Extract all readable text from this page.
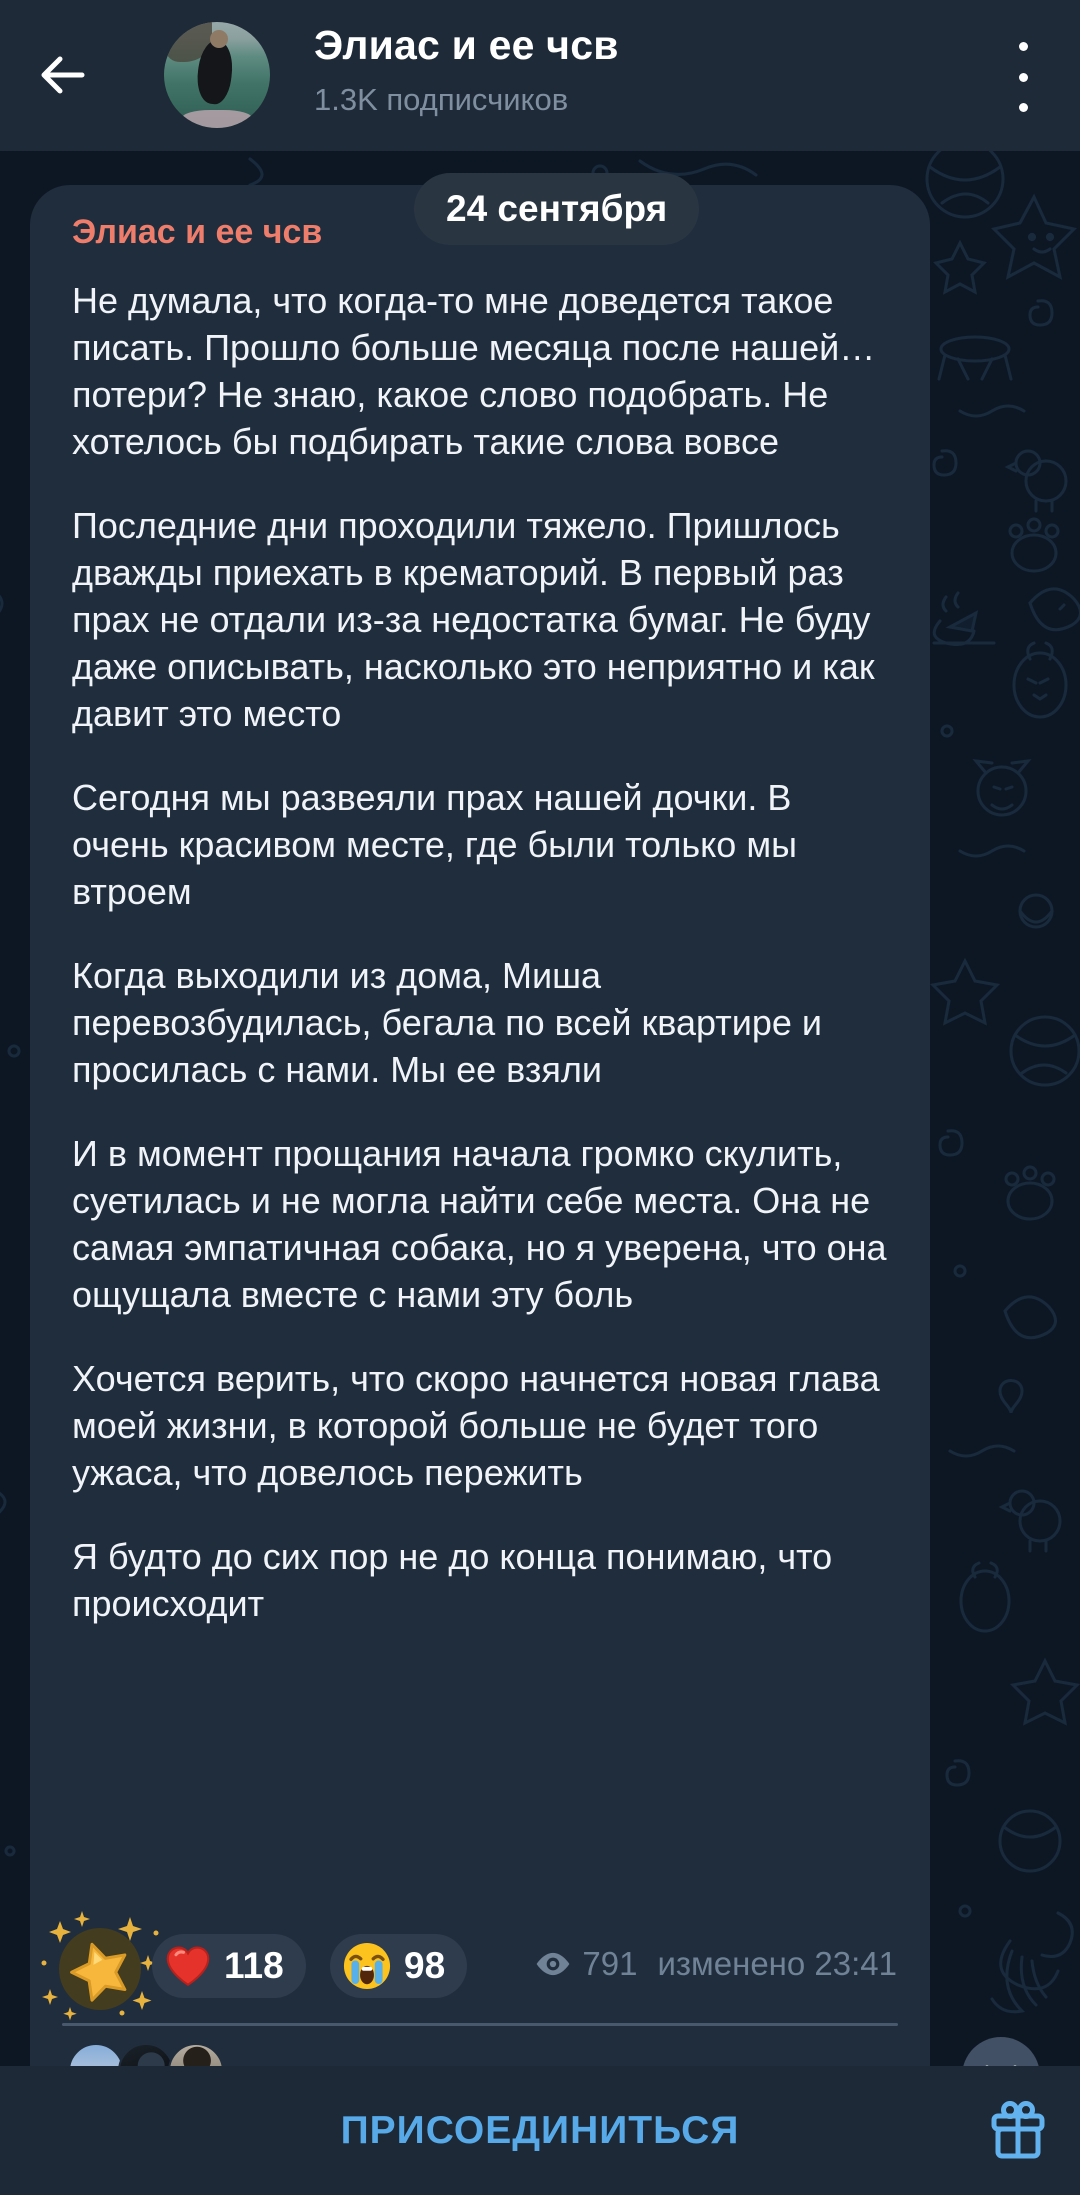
Элиас и ее чсв

Не думала, что когда-то мне доведется такое писать. Прошло больше месяца после нашей… потери? Не знаю, какое слово подобрать. Не хотелось бы подбирать такие слова вовсе

Последние дни проходили тяжело. Пришлось дважды приехать в крематорий. В первый раз прах не отдали из-за недостатка бумаг. Не буду даже описывать, насколько это неприятно и как давит это место

Сегодня мы развеяли прах нашей дочки. В очень красивом месте, где были только мы втроем

Когда выходили из дома, Миша перевозбудилась, бегала по всей квартире и просилась с нами. Мы ее взяли

И в момент прощания начала громко скулить, суетилась и не могла найти себе места. Она не самая эмпатичная собака, но я уверена, что она ощущала вместе с нами эту боль

Хочется верить, что скоро начнется новая глава моей жизни, в которой больше не будет того ужаса, что довелось пережить

Я будто до сих пор не до конца понимаю, что происходит

118	98	791 изменено 23:41
24 сентября
Элиас и ее чсв
1.3K подписчиков
ПРИСОЕДИНИТЬСЯ
